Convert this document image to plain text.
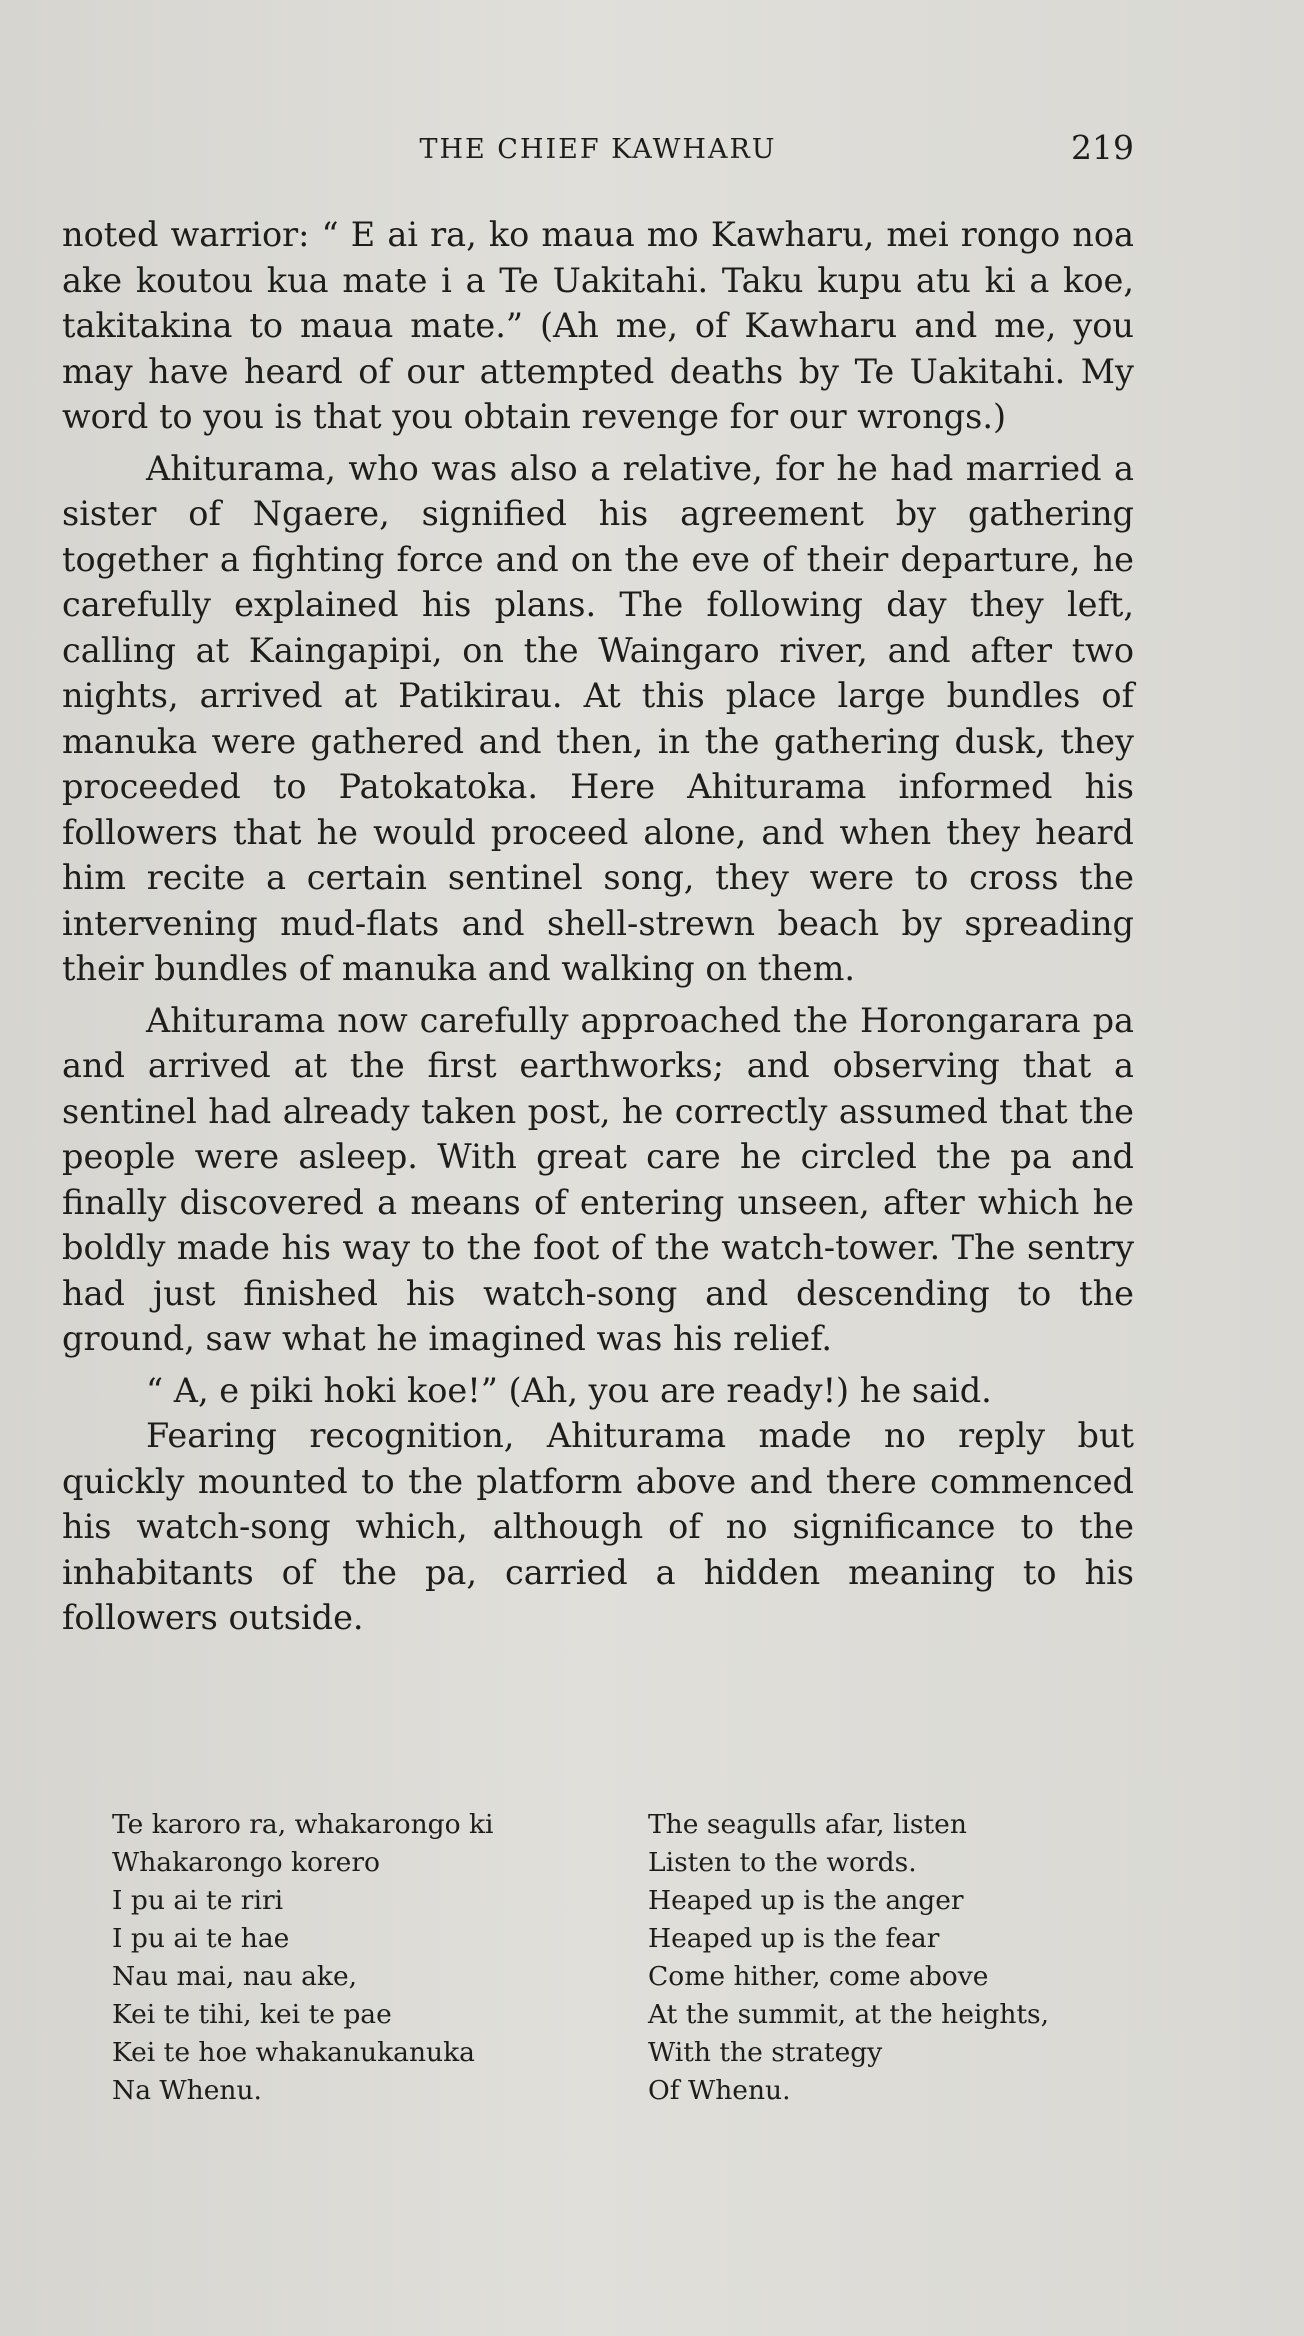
THE CHIEF KAWHARU	219

noted warrior: “ E ai ra, ko maua mo Kawharu, mei rongo noa ake koutou kua mate i a Te Uakitahi. Taku kupu atu ki a koe, takitakina to maua mate.” (Ah me, of Kawharu and me, you may have heard of our attempted deaths by Te Uakitahi. My word to you is that you obtain revenge for our wrongs.)

Ahiturama, who was also a relative, for he had married a sister of Ngaere, signified his agreement by gathering together a fighting force and on the eve of their departure, he carefully explained his plans. The following day they left, calling at Kaingapipi, on the Waingaro river, and after two nights, arrived at Patikirau. At this place large bundles of manuka were gathered and then, in the gathering dusk, they proceeded to Patokatoka. Here Ahiturama informed his followers that he would proceed alone, and when they heard him recite a certain sentinel song, they were to cross the intervening mud-flats and shell-strewn beach by spreading their bundles of manuka and walking on them.

Ahiturama now carefully approached the Horongarara pa and arrived at the first earthworks; and observing that a sentinel had already taken post, he correctly assumed that the people were asleep. With great care he circled the pa and finally discovered a means of entering unseen, after which he boldly made his way to the foot of the watch-tower. The sentry had just finished his watch-song and descending to the ground, saw what he imagined was his relief.

“ A, e piki hoki koe!” (Ah, you are ready!) he said.

Fearing recognition, Ahiturama made no reply but quickly mounted to the platform above and there commenced his watch-song which, although of no significance to the inhabitants of the pa, carried a hidden meaning to his followers outside.

Te karoro ra, whakarongo ki
Whakarongo korero
I pu ai te riri
I pu ai te hae
Nau mai, nau ake,
Kei te tihi, kei te pae
Kei te hoe whakanukanuka
Na Whenu.
The seagulls afar, listen
Listen to the words.
Heaped up is the anger
Heaped up is the fear
Come hither, come above
At the summit, at the heights,
With the strategy
Of Whenu.
